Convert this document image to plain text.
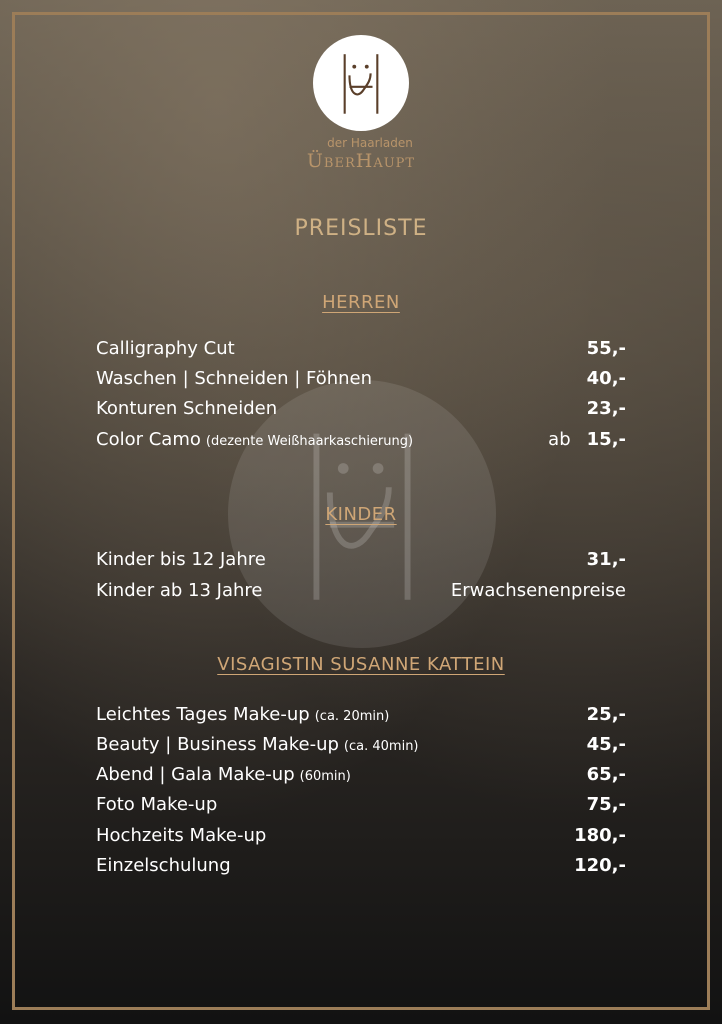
der Haarladen
ÜberHaupt
PREISLISTE
HERREN
Calligraphy Cut	55,-
Waschen | Schneiden | Föhnen	40,-
Konturen Schneiden	23,-
Color Camo (dezente Weißhaarkaschierung)	ab 15,-
KINDER
Kinder bis 12 Jahre	31,-
Kinder ab 13 Jahre	Erwachsenenpreise
VISAGISTIN SUSANNE KATTEIN
Leichtes Tages Make-up (ca. 20min)	25,-
Beauty | Business Make-up (ca. 40min)	45,-
Abend | Gala Make-up (60min)	65,-
Foto Make-up	75,-
Hochzeits Make-up	180,-
Einzelschulung	120,-
